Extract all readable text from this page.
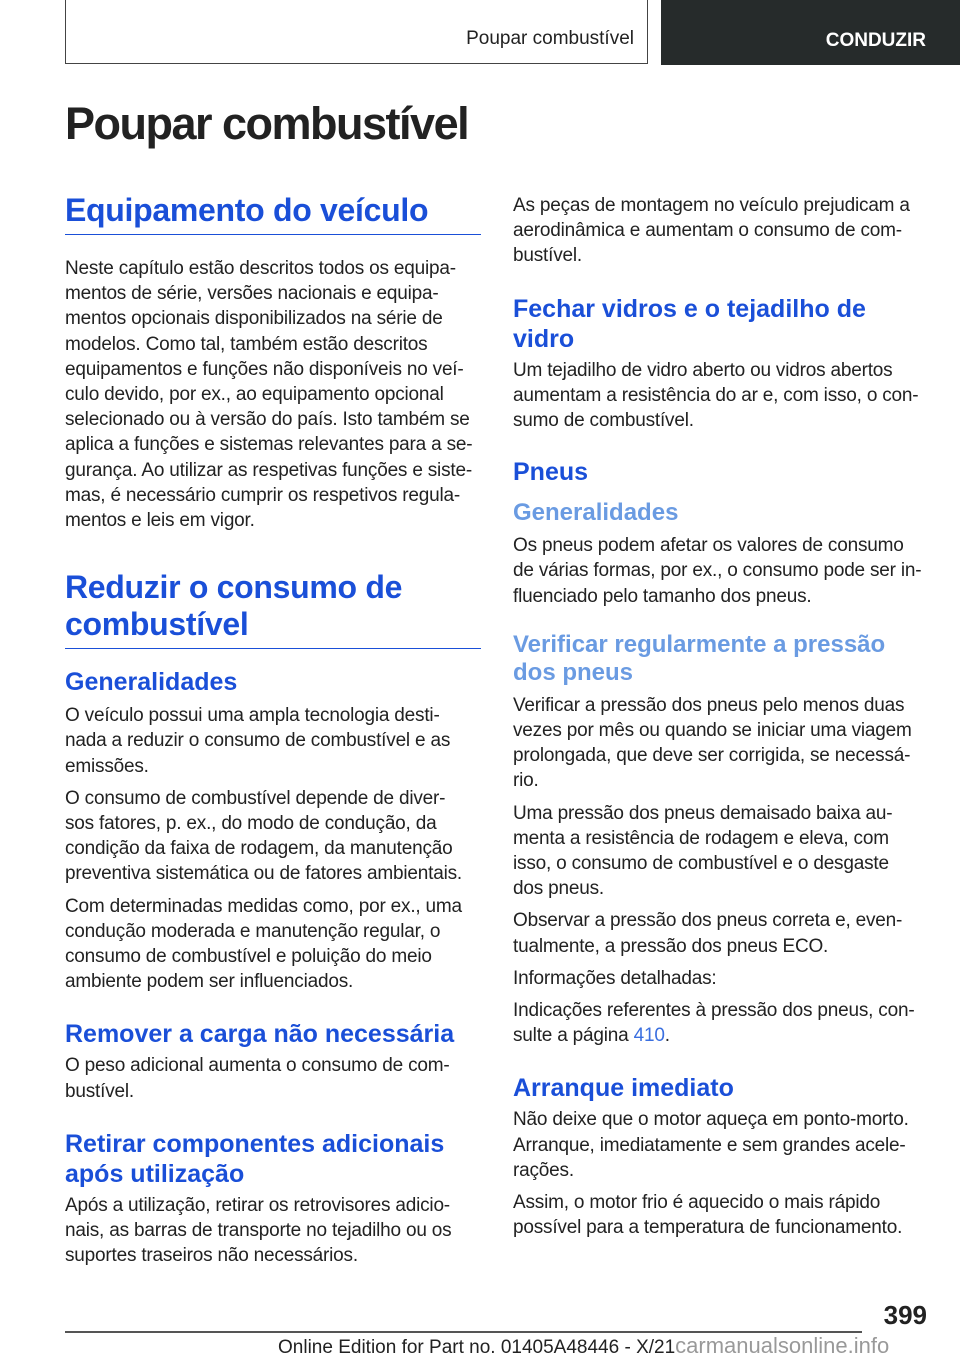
Poupar combustível	CONDUZIR
Poupar combustível
Equipamento do veículo

Neste capítulo estão descritos todos os equipa-
mentos de série, versões nacionais e equipa-
mentos opcionais disponibilizados na série de
modelos. Como tal, também estão descritos
equipamentos e funções não disponíveis no veí-
culo devido, por ex., ao equipamento opcional
selecionado ou à versão do país. Isto também se
aplica a funções e sistemas relevantes para a se-
gurança. Ao utilizar as respetivas funções e siste-
mas, é necessário cumprir os respetivos regula-
mentos e leis em vigor.

Reduzir o consumo de
combustível
Generalidades

O veículo possui uma ampla tecnologia desti-
nada a reduzir o consumo de combustível e as
emissões.

O consumo de combustível depende de diver-
sos fatores, p. ex., do modo de condução, da
condição da faixa de rodagem, da manutenção
preventiva sistemática ou de fatores ambientais.

Com determinadas medidas como, por ex., uma
condução moderada e manutenção regular, o
consumo de combustível e poluição do meio
ambiente podem ser influenciados.

Remover a carga não necessária

O peso adicional aumenta o consumo de com-
bustível.

Retirar componentes adicionais
após utilização

Após a utilização, retirar os retrovisores adicio-
nais, as barras de transporte no tejadilho ou os
suportes traseiros não necessários.

As peças de montagem no veículo prejudicam a
aerodinâmica e aumentam o consumo de com-
bustível.

Fechar vidros e o tejadilho de
vidro

Um tejadilho de vidro aberto ou vidros abertos
aumentam a resistência do ar e, com isso, o con-
sumo de combustível.

Pneus
Generalidades

Os pneus podem afetar os valores de consumo
de várias formas, por ex., o consumo pode ser in-
fluenciado pelo tamanho dos pneus.

Verificar regularmente a pressão
dos pneus

Verificar a pressão dos pneus pelo menos duas
vezes por mês ou quando se iniciar uma viagem
prolongada, que deve ser corrigida, se necessá-
rio.

Uma pressão dos pneus demaisado baixa au-
menta a resistência de rodagem e eleva, com
isso, o consumo de combustível e o desgaste
dos pneus.

Observar a pressão dos pneus correta e, even-
tualmente, a pressão dos pneus ECO.

Informações detalhadas:

Indicações referentes à pressão dos pneus, con-
sulte a página 410.

Arranque imediato

Não deixe que o motor aqueça em ponto-morto.
Arranque, imediatamente e sem grandes acele-
rações.

Assim, o motor frio é aquecido o mais rápido
possível para a temperatura de funcionamento.

399
Online Edition for Part no. 01405A48446 - X/21carmanualsonline.info
